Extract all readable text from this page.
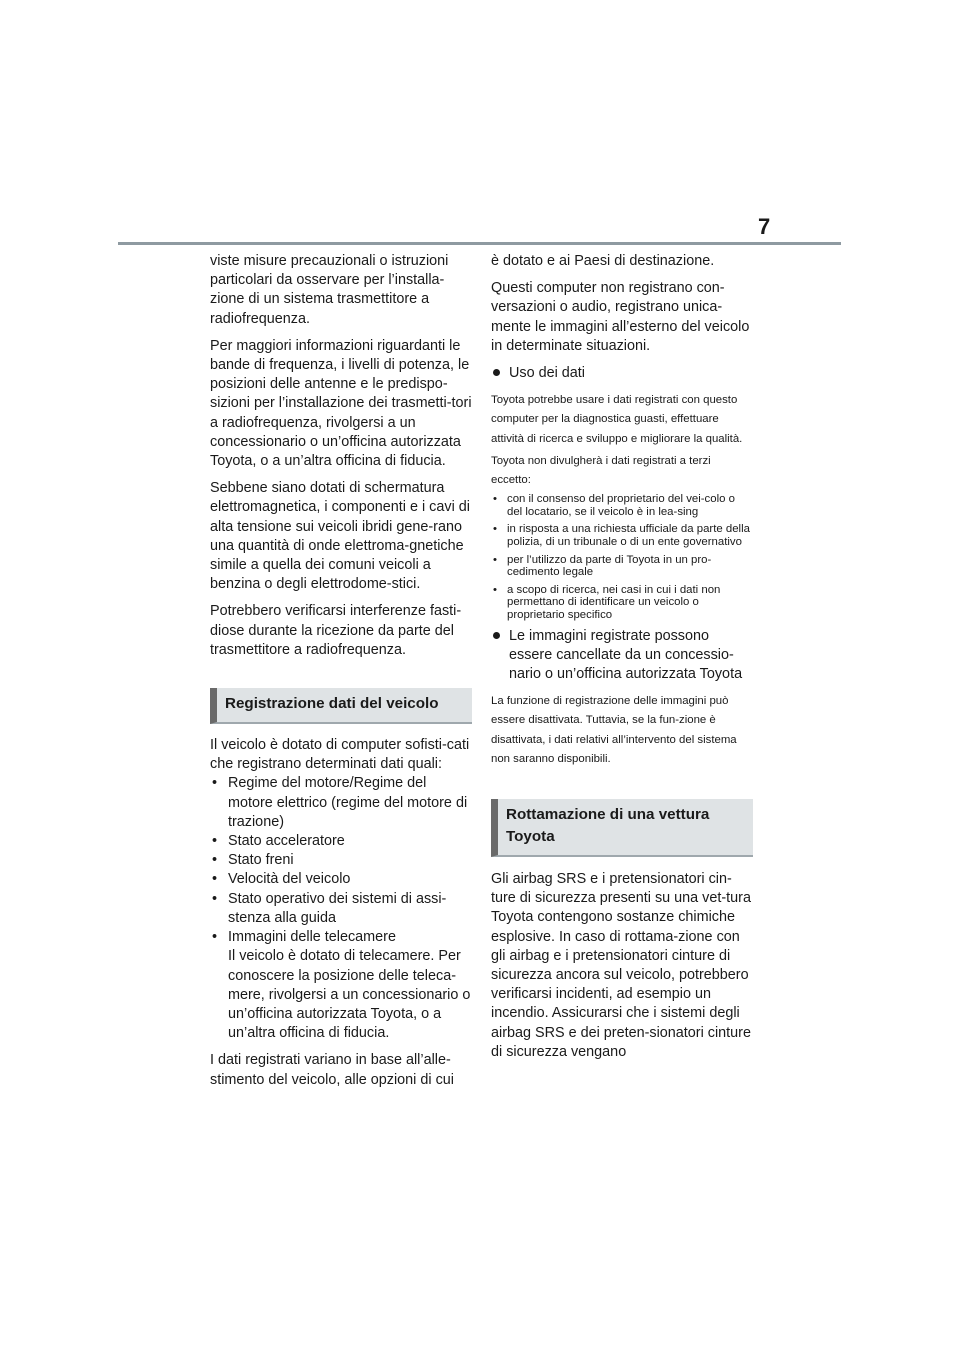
7

viste misure precauzionali o istruzioni particolari da osservare per l’installa-zione di un sistema trasmettitore a radiofrequenza.

Per maggiori informazioni riguardanti le bande di frequenza, i livelli di potenza, le posizioni delle antenne e le predispo-sizioni per l’installazione dei trasmetti-tori a radiofrequenza, rivolgersi a un concessionario o un’officina autorizzata Toyota, o a un’altra officina di fiducia.

Sebbene siano dotati di schermatura elettromagnetica, i componenti e i cavi di alta tensione sui veicoli ibridi gene-rano una quantità di onde elettroma-gnetiche simile a quella dei comuni veicoli a benzina o degli elettrodome-stici.

Potrebbero verificarsi interferenze fasti-diose durante la ricezione da parte del trasmettitore a radiofrequenza.

Registrazione dati del veicolo

Il veicolo è dotato di computer sofisti-cati che registrano determinati dati quali:

• Regime del motore/Regime del motore elettrico (regime del motore di trazione)
• Stato acceleratore
• Stato freni
• Velocità del veicolo
• Stato operativo dei sistemi di assi-stenza alla guida
• Immagini delle telecamere
Il veicolo è dotato di telecamere. Per conoscere la posizione delle teleca-mere, rivolgersi a un concessionario o un’officina autorizzata Toyota, o a un’altra officina di fiducia.

I dati registrati variano in base all’alle-stimento del veicolo, alle opzioni di cui

è dotato e ai Paesi di destinazione.

Questi computer non registrano con-versazioni o audio, registrano unica-mente le immagini all’esterno del veicolo in determinate situazioni.

Uso dei dati

Toyota potrebbe usare i dati registrati con questo computer per la diagnostica guasti, effettuare attività di ricerca e sviluppo e migliorare la qualità.

Toyota non divulgherà i dati registrati a terzi eccetto:

• con il consenso del proprietario del vei-colo o del locatario, se il veicolo è in lea-sing
• in risposta a una richiesta ufficiale da parte della polizia, di un tribunale o di un ente governativo
• per l’utilizzo da parte di Toyota in un pro-cedimento legale
• a scopo di ricerca, nei casi in cui i dati non permettano di identificare un veicolo o proprietario specifico
Le immagini registrate possono essere cancellate da un concessio-nario o un’officina autorizzata Toyota

La funzione di registrazione delle immagini può essere disattivata. Tuttavia, se la fun-zione è disattivata, i dati relativi all’intervento del sistema non saranno disponibili.

Rottamazione di una vettura Toyota

Gli airbag SRS e i pretensionatori cin-ture di sicurezza presenti su una vet-tura Toyota contengono sostanze chimiche esplosive. In caso di rottama-zione con gli airbag e i pretensionatori cinture di sicurezza ancora sul veicolo, potrebbero verificarsi incidenti, ad esempio un incendio. Assicurarsi che i sistemi degli airbag SRS e dei preten-sionatori cinture di sicurezza vengano
